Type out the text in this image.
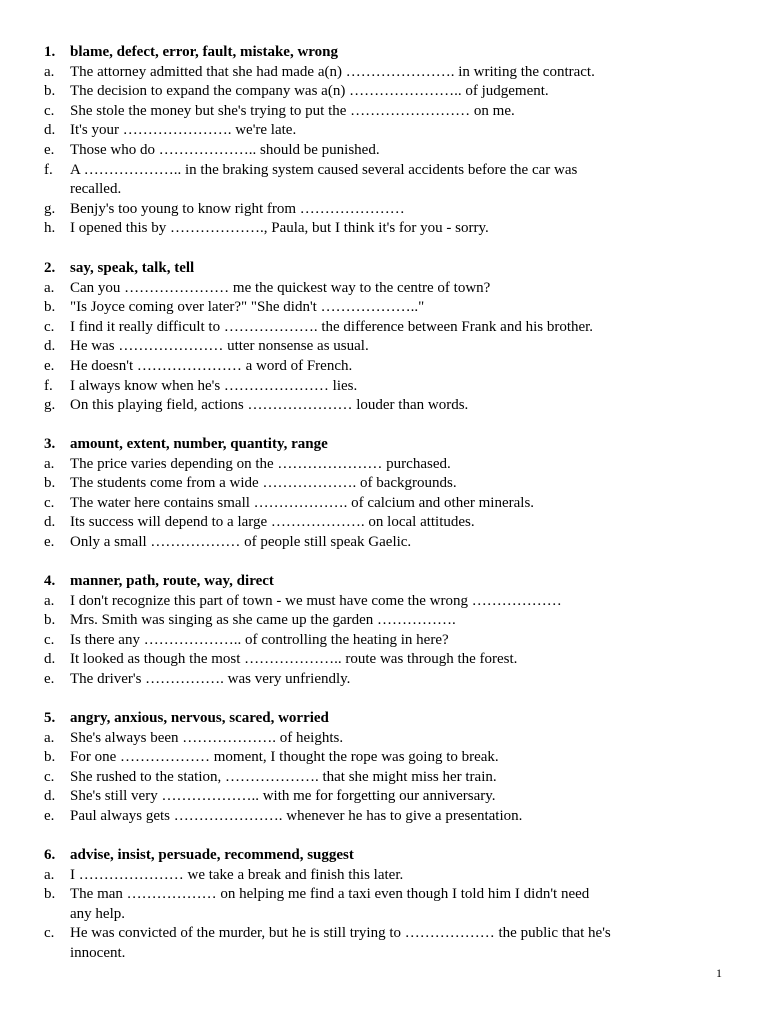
1. blame, defect, error, fault, mistake, wrong
a.	The attorney admitted that she had made a(n) …………………. in writing the contract.
b. The decision to expand the company was a(n) ………………….. of judgement.
c.	She stole the money but she's trying to put the …………………… on me.
d. It's your …………………. we're late.
e.	Those who do ……………….. should be punished.
f.	A ……………….. in the braking system caused several accidents before the car was
recalled.
g. Benjy's too young to know right from …………………
h. I opened this by ………………., Paula, but I think it's for you - sorry.
2. say, speak, talk, tell
a.	Can you ………………… me the quickest way to the centre of town?
b. "Is Joyce coming over later?" "She didn't ……………….."
c.	I find it really difficult to ………………. the difference between Frank and his brother.
d. He was ………………… utter nonsense as usual.
e.	He doesn't ………………… a word of French.
f.	I always know when he's ………………… lies.
g. On this playing field, actions ………………… louder than words.
3. amount, extent, number, quantity, range
a.	The price varies depending on the ………………… purchased.
b. The students come from a wide ………………. of backgrounds.
c.	The water here contains small ………………. of calcium and other minerals.
d. Its success will depend to a large ………………. on local attitudes.
e.	Only a small ……………… of people still speak Gaelic.
4. manner, path, route, way, direct
a.	I don't recognize this part of town - we must have come the wrong ………………
b. Mrs. Smith was singing as she came up the garden …………….
c.	Is there any ……………….. of controlling the heating in here?
d. It looked as though the most ……………….. route was through the forest.
e.	The driver's ……………. was very unfriendly.
5. angry, anxious, nervous, scared, worried
a.	She's always been ………………. of heights.
b. For one ……………… moment, I thought the rope was going to break.
c.	She rushed to the station, ………………. that she might miss her train.
d. She's still very ……………….. with me for forgetting our anniversary.
e.	Paul always gets …………………. whenever he has to give a presentation.
6. advise, insist, persuade, recommend, suggest
a.	I ………………… we take a break and finish this later.
b. The man ……………… on helping me find a taxi even though I told him I didn't need
any help.
c.	He was convicted of the murder, but he is still trying to ……………… the public that he's
innocent.
1
